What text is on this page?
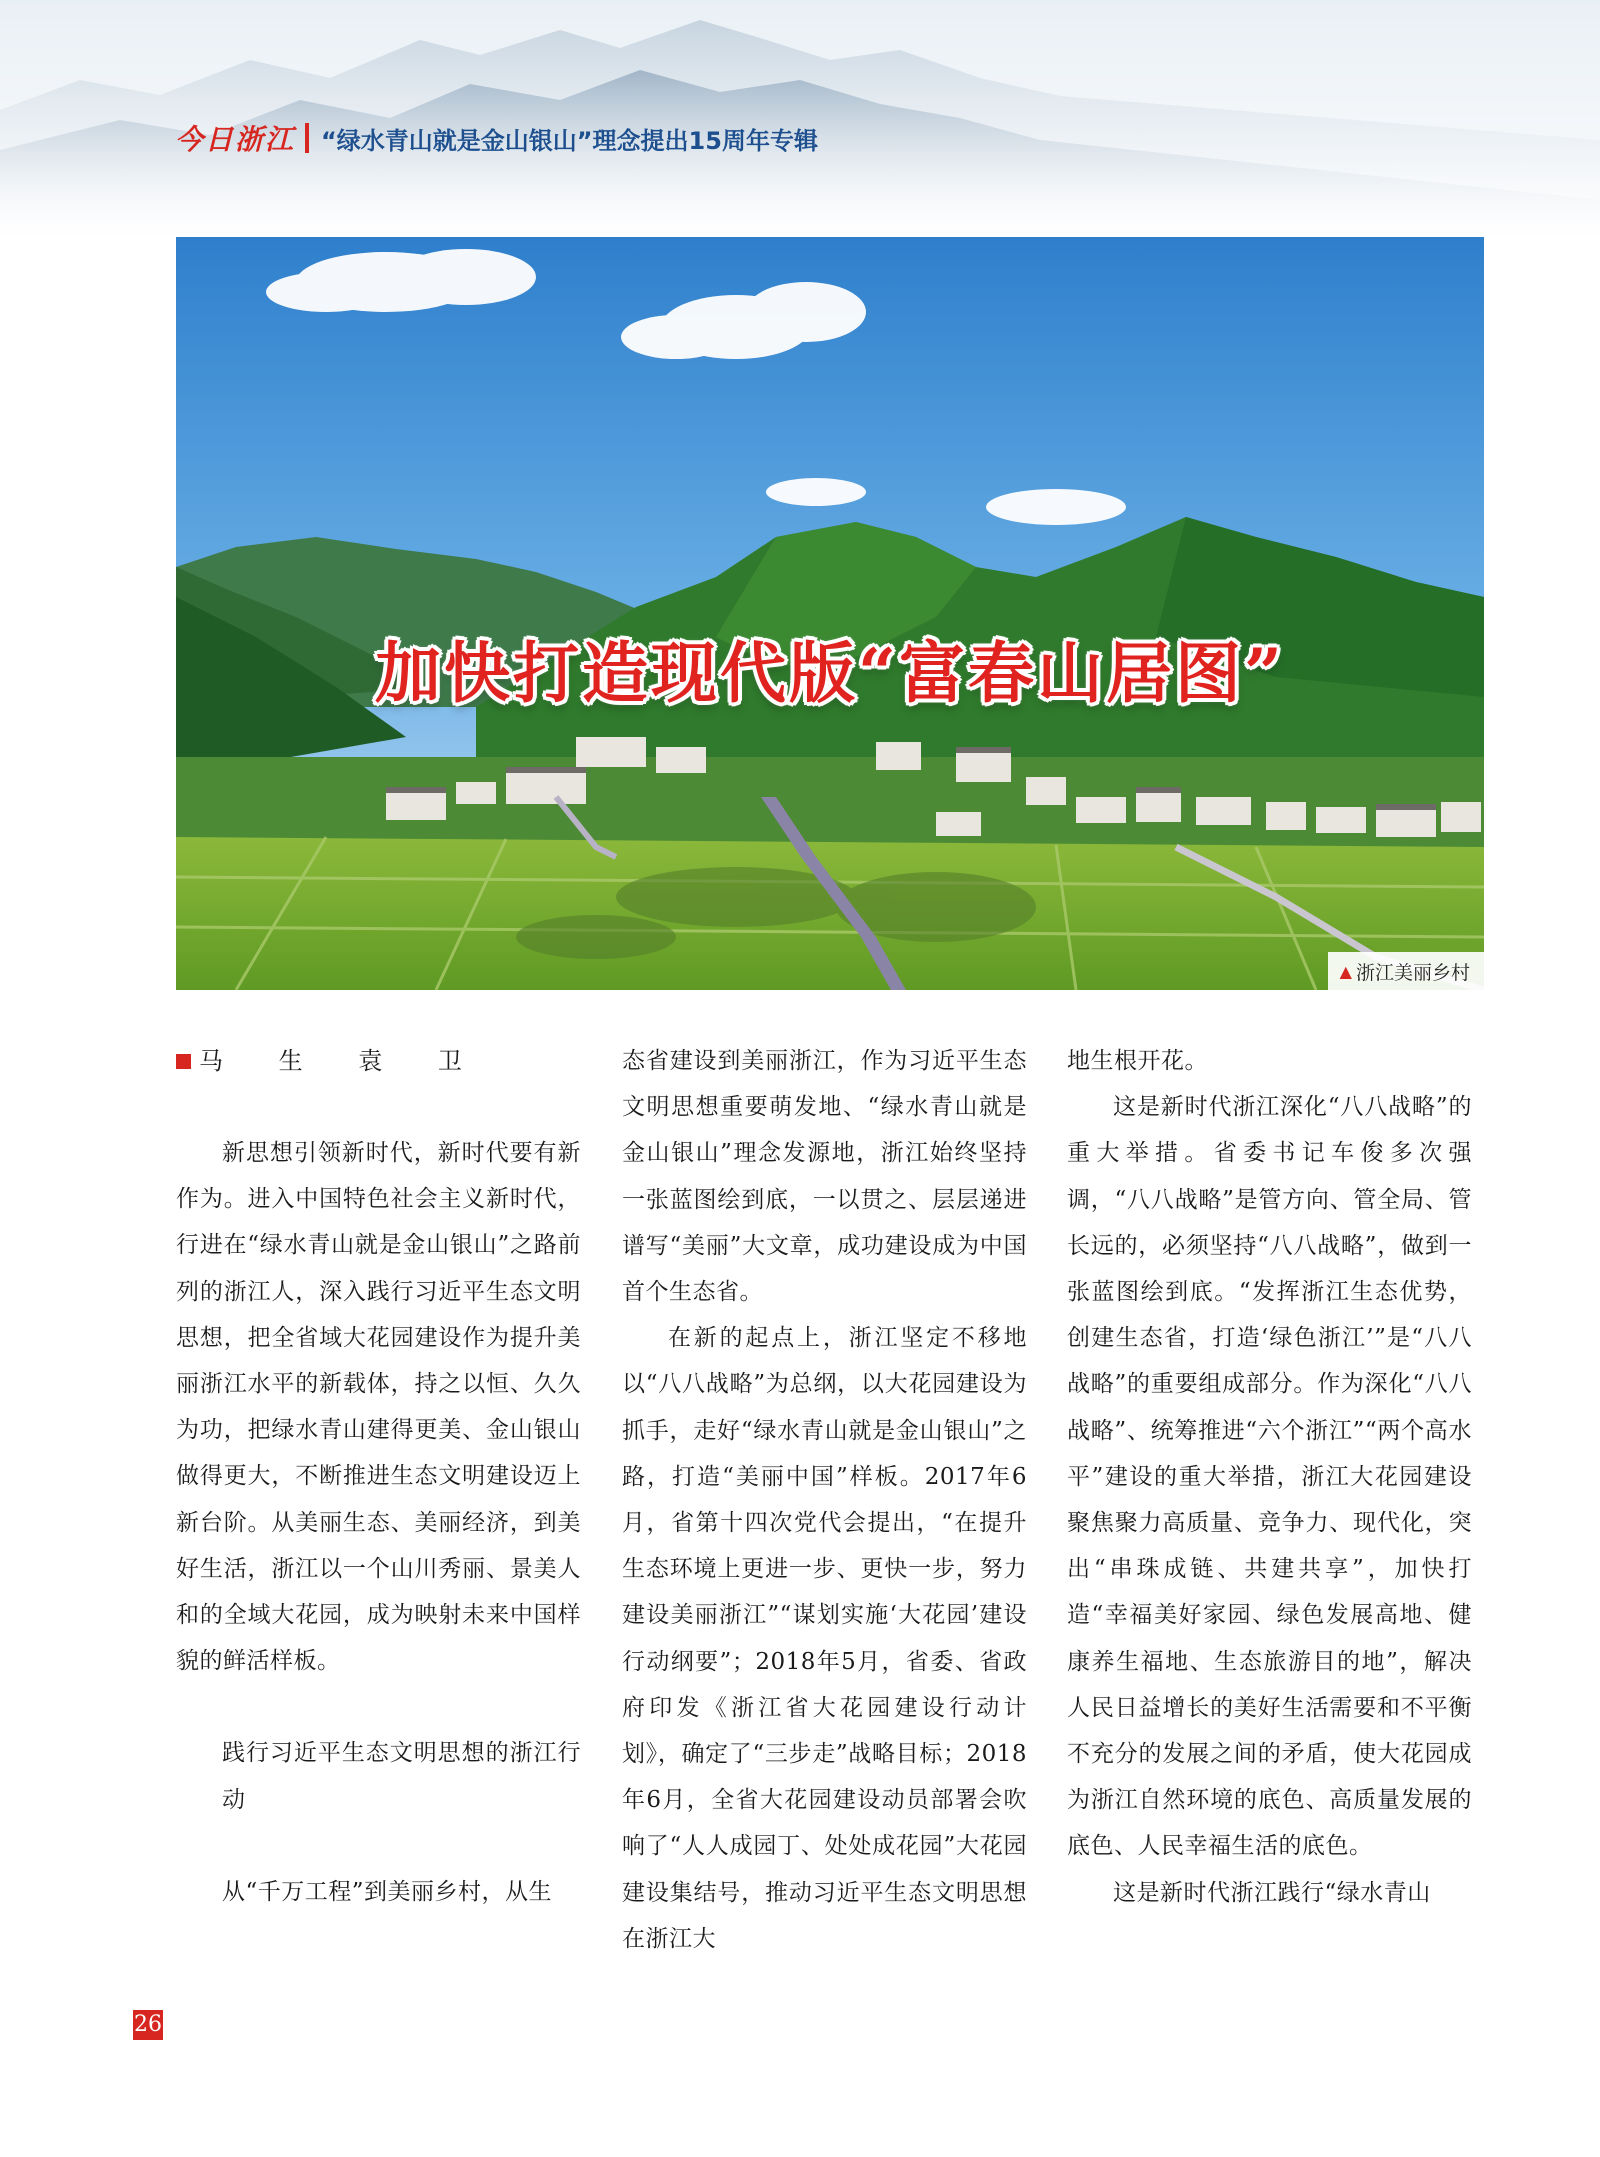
今日浙江 “绿水青山就是金山银山”理念提出15周年专辑
加快打造现代版“富春山居图”
▲ 浙江美丽乡村
马 生 袁 卫

新思想引领新时代，新时代要有新作为。进入中国特色社会主义新时代，行进在“绿水青山就是金山银山”之路前列的浙江人，深入践行习近平生态文明思想，把全省域大花园建设作为提升美丽浙江水平的新载体，持之以恒、久久为功，把绿水青山建得更美、金山银山做得更大，不断推进生态文明建设迈上新台阶。从美丽生态、美丽经济，到美好生活，浙江以一个山川秀丽、景美人和的全域大花园，成为映射未来中国样貌的鲜活样板。

践行习近平生态文明思想的浙江行动

从“千万工程”到美丽乡村，从生

态省建设到美丽浙江，作为习近平生态文明思想重要萌发地、“绿水青山就是金山银山”理念发源地，浙江始终坚持一张蓝图绘到底，一以贯之、层层递进谱写“美丽”大文章，成功建设成为中国首个生态省。

在新的起点上，浙江坚定不移地以“八八战略”为总纲，以大花园建设为抓手，走好“绿水青山就是金山银山”之路，打造“美丽中国”样板。2017年6月，省第十四次党代会提出，“在提升生态环境上更进一步、更快一步，努力建设美丽浙江”“谋划实施‘大花园’建设行动纲要”；2018年5月，省委、省政府印发《浙江省大花园建设行动计划》，确定了“三步走”战略目标；2018年6月，全省大花园建设动员部署会吹响了“人人成园丁、处处成花园”大花园建设集结号，推动习近平生态文明思想在浙江大

地生根开花。

这是新时代浙江深化“八八战略”的重大举措。省委书记车俊多次强调，“八八战略”是管方向、管全局、管长远的，必须坚持“八八战略”，做到一张蓝图绘到底。“发挥浙江生态优势，创建生态省，打造‘绿色浙江’”是“八八战略”的重要组成部分。作为深化“八八战略”、统筹推进“六个浙江”“两个高水平”建设的重大举措，浙江大花园建设聚焦聚力高质量、竞争力、现代化，突出“串珠成链、共建共享”，加快打造“幸福美好家园、绿色发展高地、健康养生福地、生态旅游目的地”，解决人民日益增长的美好生活需要和不平衡不充分的发展之间的矛盾，使大花园成为浙江自然环境的底色、高质量发展的底色、人民幸福生活的底色。

这是新时代浙江践行“绿水青山

26
